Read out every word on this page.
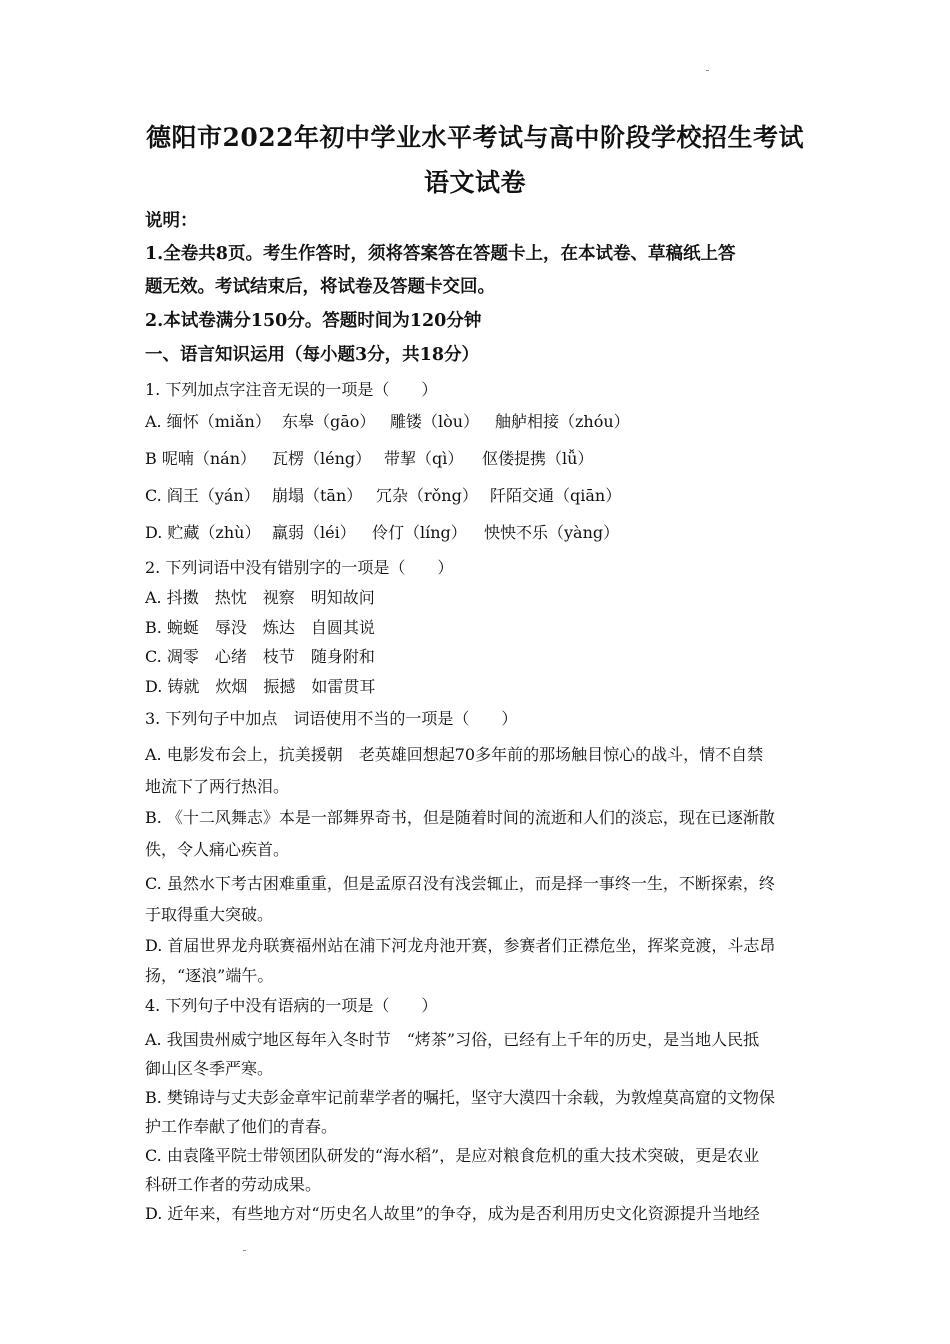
德阳市2022年初中学业水平考试与高中阶段学校招生考试
语文试卷
说明：
1.全卷共8页。考生作答时，须将答案答在答题卡上，在本试卷、草稿纸上答
题无效。考试结束后，将试卷及答题卡交回。
2.本试卷满分150分。答题时间为120分钟
一、语言知识运用（每小题3分，共18分）
1. 下列加点字注音无误的一项是（　　）
A. 缅怀（miǎn） 东皋（gāo） 雕镂（lòu） 舳舻相接（zhóu）
B 呢喃（nán） 瓦楞（léng） 带挈（qì） 伛偻提携（lǚ）
C. 阎王（yán） 崩塌（tān） 冗杂（rǒng） 阡陌交通（qiān）
D. 贮藏（zhù） 羸弱（léi） 伶仃（líng） 怏怏不乐（yàng）
2. 下列词语中没有错别字的一项是（　　）
A. 抖擞　热忱　视察　明知故问
B. 蜿蜒　辱没　炼达　自圆其说
C. 凋零　心绪　枝节　随身附和
D. 铸就　炊烟　振撼　如雷贯耳
3. 下列句子中加点　词语使用不当的一项是（　　）
A. 电影发布会上，抗美援朝　老英雄回想起70多年前的那场触目惊心的战斗，情不自禁
地流下了两行热泪。
B. 《十二风舞志》本是一部舞界奇书，但是随着时间的流逝和人们的淡忘，现在已逐渐散
佚，令人痛心疾首。
C. 虽然水下考古困难重重，但是孟原召没有浅尝辄止，而是择一事终一生，不断探索，终
于取得重大突破。
D. 首届世界龙舟联赛福州站在浦下河龙舟池开赛，参赛者们正襟危坐，挥桨竞渡，斗志昂
扬，“逐浪”端午。
4. 下列句子中没有语病的一项是（　　）
A. 我国贵州威宁地区每年入冬时节　“烤茶”习俗，已经有上千年的历史，是当地人民抵
御山区冬季严寒。
B. 樊锦诗与丈夫彭金章牢记前辈学者的嘱托，坚守大漠四十余载，为敦煌莫高窟的文物保
护工作奉献了他们的青春。
C. 由袁隆平院士带领团队研发的“海水稻”，是应对粮食危机的重大技术突破，更是农业
科研工作者的劳动成果。
D. 近年来，有些地方对“历史名人故里”的争夺，成为是否利用历史文化资源提升当地经
